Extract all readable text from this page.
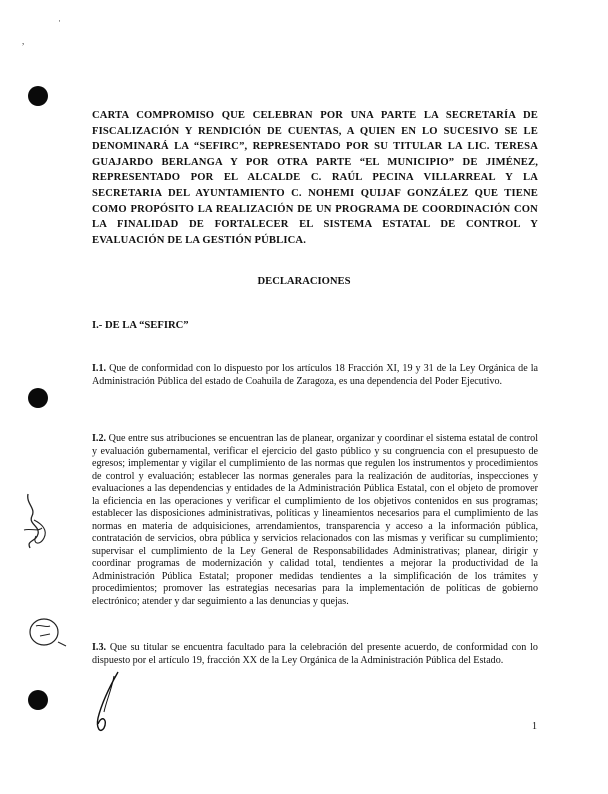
·
,
CARTA COMPROMISO QUE CELEBRAN POR UNA PARTE LA SECRETARÍA DE FISCALIZACIÓN Y RENDICIÓN DE CUENTAS, A QUIEN EN LO SUCESIVO SE LE DENOMINARÁ LA “SEFIRC”, REPRESENTADO POR SU TITULAR LA LIC. TERESA GUAJARDO BERLANGA Y POR OTRA PARTE “EL MUNICIPIO” DE JIMÉNEZ, REPRESENTADO POR EL ALCALDE C. RAÚL PECINA VILLARREAL Y LA SECRETARIA DEL AYUNTAMIENTO C. NOHEMI QUIJAF GONZÁLEZ QUE TIENE COMO PROPÓSITO LA REALIZACIÓN DE UN PROGRAMA DE COORDINACIÓN CON LA FINALIDAD DE FORTALECER EL SISTEMA ESTATAL DE CONTROL Y EVALUACIÓN DE LA GESTIÓN PÚBLICA.
DECLARACIONES
I.- DE LA “SEFIRC”
I.1. Que de conformidad con lo dispuesto por los artículos 18 Fracción XI, 19 y 31 de la Ley Orgánica de la Administración Pública del estado de Coahuila de Zaragoza, es una dependencia del Poder Ejecutivo.
I.2. Que entre sus atribuciones se encuentran las de planear, organizar y coordinar el sistema estatal de control y evaluación gubernamental, verificar el ejercicio del gasto público y su congruencia con el presupuesto de egresos; implementar y vigilar el cumplimiento de las normas que regulen los instrumentos y procedimientos de control y evaluación; establecer las normas generales para la realización de auditorías, inspecciones y evaluaciones a las dependencias y entidades de la Administración Pública Estatal, con el objeto de promover la eficiencia en las operaciones y verificar el cumplimiento de los objetivos contenidos en sus programas; establecer las disposiciones administrativas, políticas y lineamientos necesarios para el cumplimiento de las normas en materia de adquisiciones, arrendamientos, transparencia y acceso a la información pública, contratación de servicios, obra pública y servicios relacionados con las mismas y verificar su cumplimiento; supervisar el cumplimiento de la Ley General de Responsabilidades Administrativas; planear, dirigir y coordinar programas de modernización y calidad total, tendientes a mejorar la productividad de la Administración Pública Estatal; proponer medidas tendientes a la simplificación de los trámites y procedimientos; promover las estrategias necesarias para la implementación de políticas de gobierno electrónico; atender y dar seguimiento a las denuncias y quejas.
I.3. Que su titular se encuentra facultado para la celebración del presente acuerdo, de conformidad con lo dispuesto por el artículo 19, fracción XX de la Ley Orgánica de la Administración Pública del Estado.
1
